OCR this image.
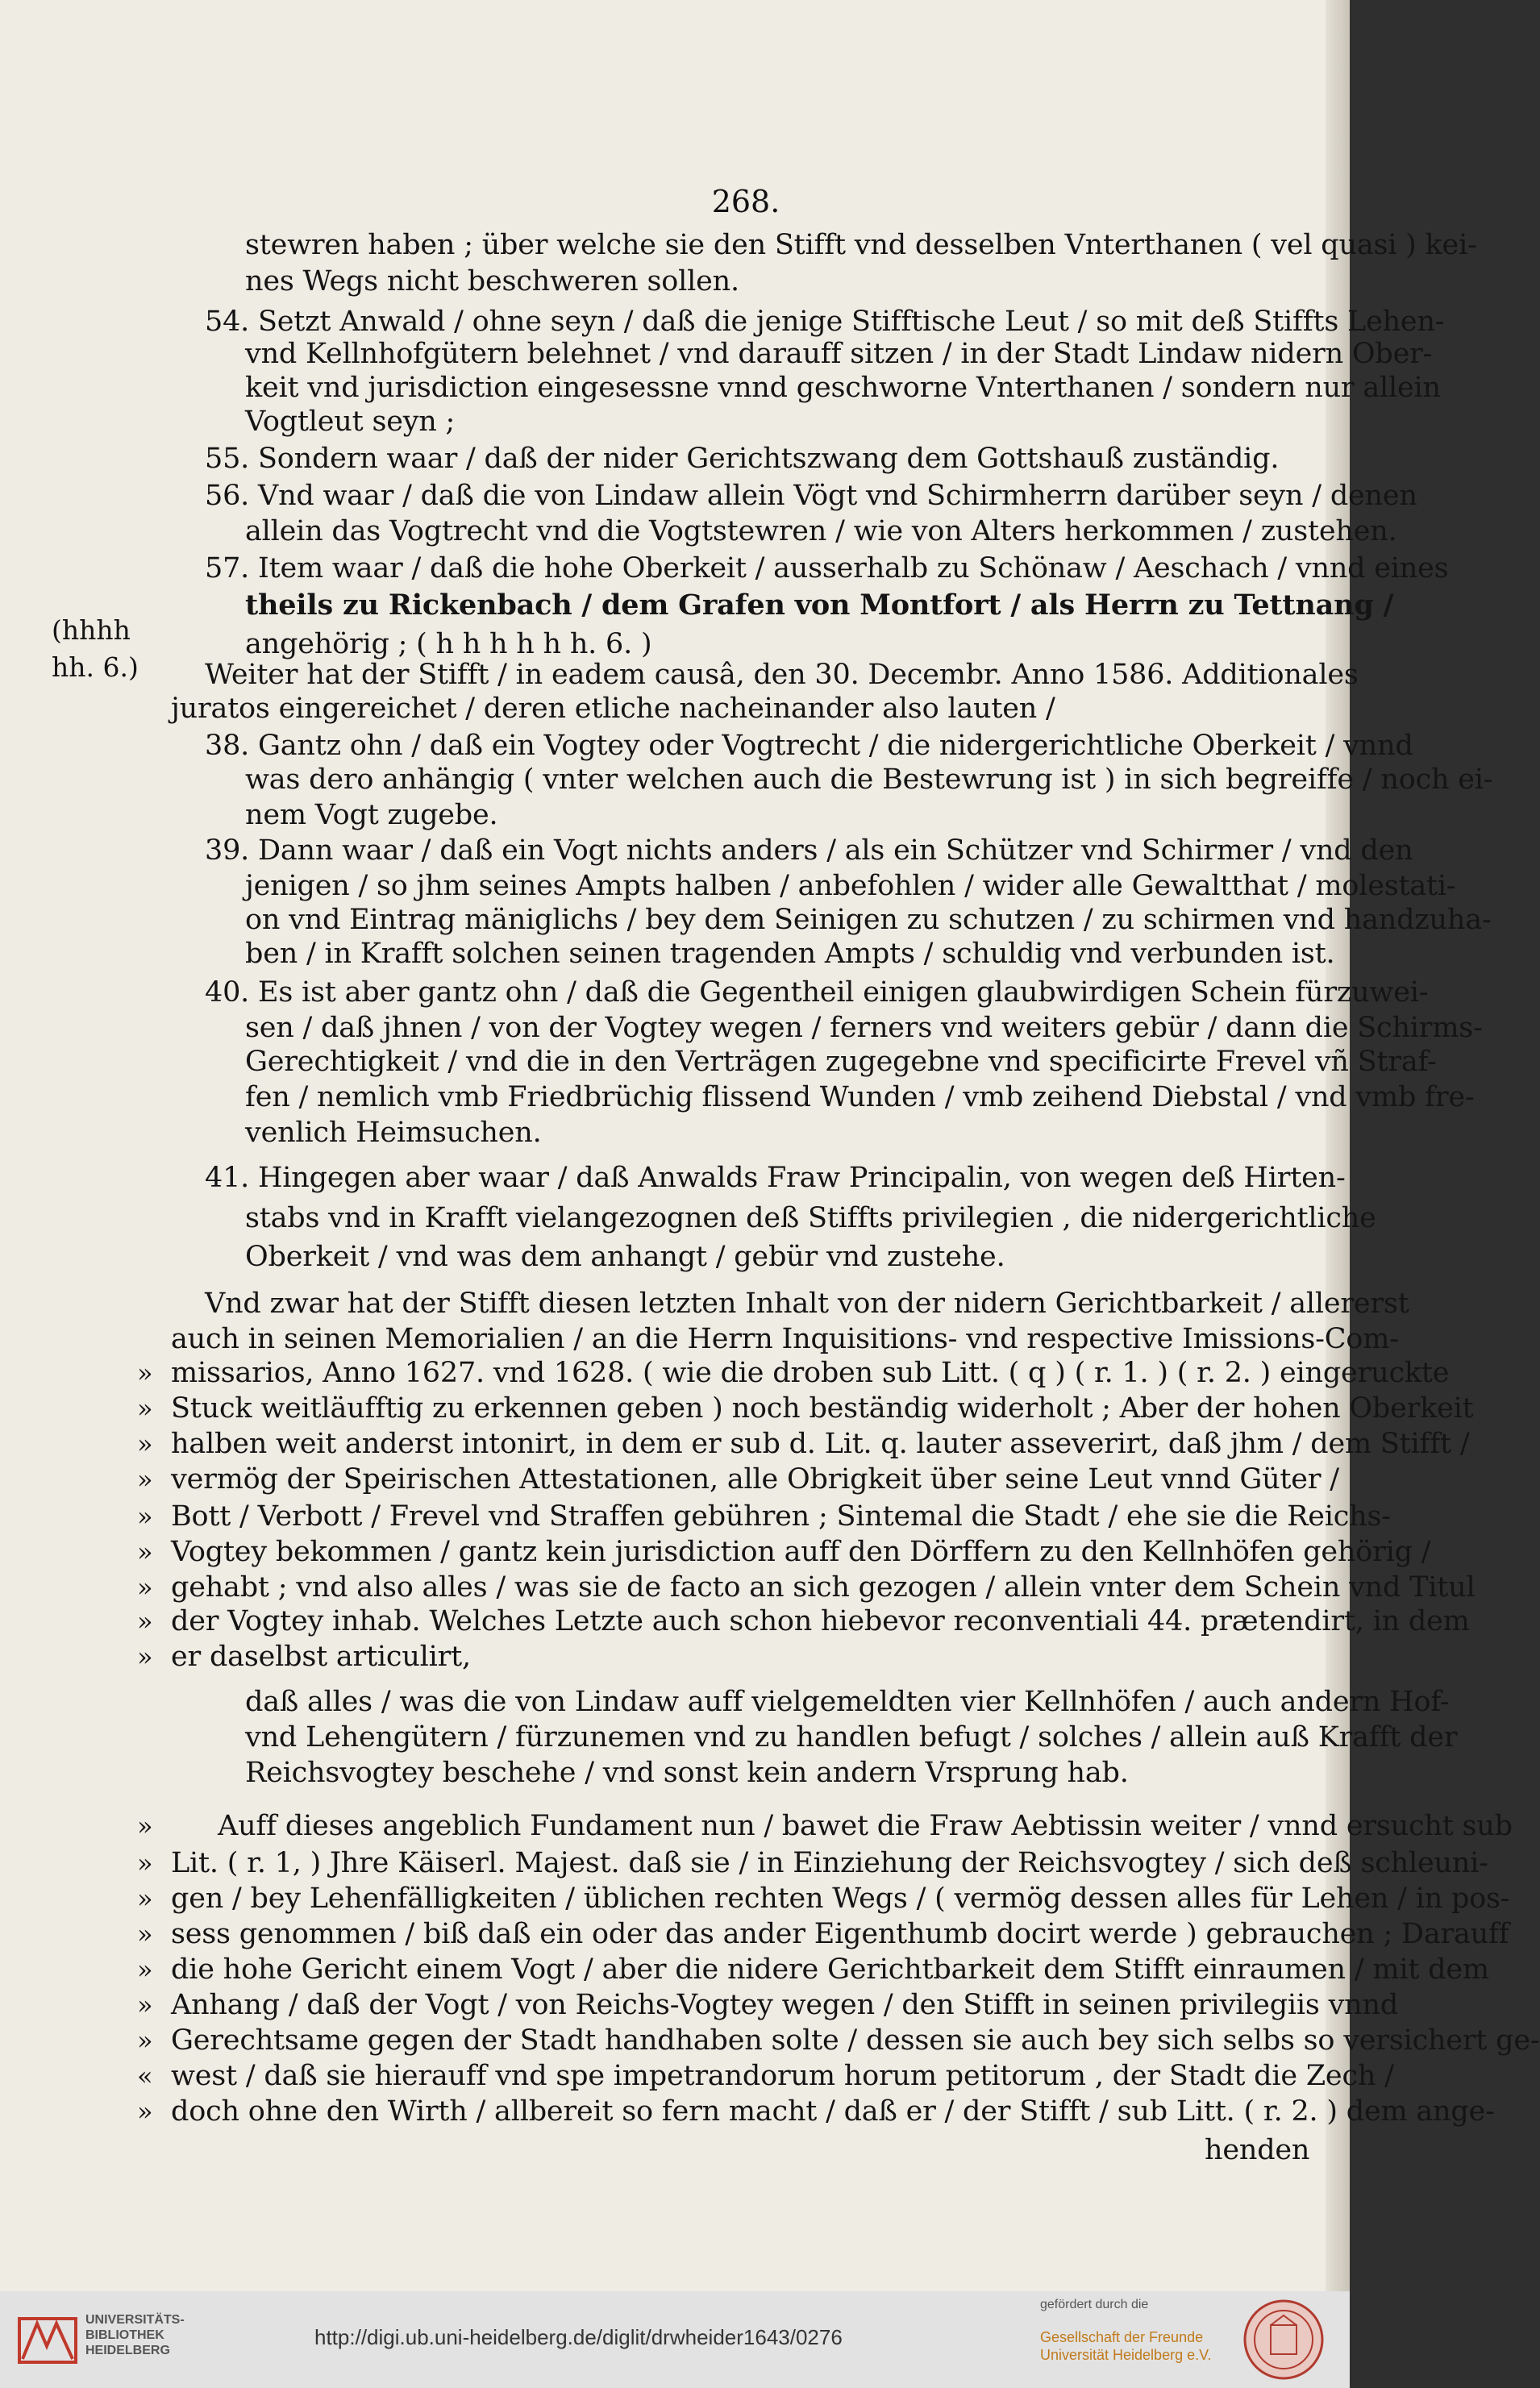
268.
(hhhh
hh. 6.)
stewren haben ; über welche sie den Stifft vnd desselben Vnterthanen ( vel quasi ) kei-
nes Wegs nicht beschweren sollen.
54. Setzt Anwald / ohne seyn / daß die jenige Stifftische Leut / so mit deß Stiffts Lehen-
vnd Kellnhofgütern belehnet / vnd darauff sitzen / in der Stadt Lindaw nidern Ober-
keit vnd jurisdiction eingesessne vnnd geschworne Vnterthanen / sondern nur allein
Vogtleut seyn ;
55. Sondern waar / daß der nider Gerichtszwang dem Gottshauß zuständig.
56. Vnd waar / daß die von Lindaw allein Vögt vnd Schirmherrn darüber seyn / denen
allein das Vogtrecht vnd die Vogtstewren / wie von Alters herkommen / zustehen.
57. Item waar / daß die hohe Oberkeit / ausserhalb zu Schönaw / Aeschach / vnnd eines
theils zu Rickenbach / dem Grafen von Montfort / als Herrn zu Tettnang /
angehörig ; ( h h h h h h. 6. )
Weiter hat der Stifft / in eadem causâ, den 30. Decembr. Anno 1586. Additionales
juratos eingereichet / deren etliche nacheinander also lauten /
38. Gantz ohn / daß ein Vogtey oder Vogtrecht / die nidergerichtliche Oberkeit / vnnd
was dero anhängig ( vnter welchen auch die Bestewrung ist ) in sich begreiffe / noch ei-
nem Vogt zugebe.
39. Dann waar / daß ein Vogt nichts anders / als ein Schützer vnd Schirmer / vnd den
jenigen / so jhm seines Ampts halben / anbefohlen / wider alle Gewaltthat / molestati-
on vnd Eintrag mäniglichs / bey dem Seinigen zu schutzen / zu schirmen vnd handzuha-
ben / in Krafft solchen seinen tragenden Ampts / schuldig vnd verbunden ist.
40. Es ist aber gantz ohn / daß die Gegentheil einigen glaubwirdigen Schein fürzuwei-
sen / daß jhnen / von der Vogtey wegen / ferners vnd weiters gebür / dann die Schirms-
Gerechtigkeit / vnd die in den Verträgen zugegebne vnd specificirte Frevel vñ Straf-
fen / nemlich vmb Friedbrüchig flissend Wunden / vmb zeihend Diebstal / vnd vmb fre-
venlich Heimsuchen.
41. Hingegen aber waar / daß Anwalds Fraw Principalin, von wegen deß Hirten-
stabs vnd in Krafft vielangezognen deß Stiffts privilegien , die nidergerichtliche
Oberkeit / vnd was dem anhangt / gebür vnd zustehe.
Vnd zwar hat der Stifft diesen letzten Inhalt von der nidern Gerichtbarkeit / allererst
auch in seinen Memorialien / an die Herrn Inquisitions- vnd respective Imissions-Com-
missarios, Anno 1627. vnd 1628. ( wie die droben sub Litt. ( q ) ( r. 1. ) ( r. 2. ) eingeruckte
Stuck weitläufftig zu erkennen geben ) noch beständig widerholt ; Aber der hohen Oberkeit
halben weit anderst intonirt, in dem er sub d. Lit. q. lauter asseverirt, daß jhm / dem Stifft /
vermög der Speirischen Attestationen, alle Obrigkeit über seine Leut vnnd Güter /
Bott / Verbott / Frevel vnd Straffen gebühren ; Sintemal die Stadt / ehe sie die Reichs-
Vogtey bekommen / gantz kein jurisdiction auff den Dörffern zu den Kellnhöfen gehörig /
gehabt ; vnd also alles / was sie de facto an sich gezogen / allein vnter dem Schein vnd Titul
der Vogtey inhab. Welches Letzte auch schon hiebevor reconventiali 44. prætendirt, in dem
er daselbst articulirt,
daß alles / was die von Lindaw auff vielgemeldten vier Kellnhöfen / auch andern Hof-
vnd Lehengütern / fürzunemen vnd zu handlen befugt / solches / allein auß Krafft der
Reichsvogtey beschehe / vnd sonst kein andern Vrsprung hab.
Auff dieses angeblich Fundament nun / bawet die Fraw Aebtissin weiter / vnnd ersucht sub
Lit. ( r. 1, ) Jhre Käiserl. Majest. daß sie / in Einziehung der Reichsvogtey / sich deß schleuni-
gen / bey Lehenfälligkeiten / üblichen rechten Wegs / ( vermög dessen alles für Lehen / in pos-
sess genommen / biß daß ein oder das ander Eigenthumb docirt werde ) gebrauchen ; Darauff
die hohe Gericht einem Vogt / aber die nidere Gerichtbarkeit dem Stifft einraumen / mit dem
Anhang / daß der Vogt / von Reichs-Vogtey wegen / den Stifft in seinen privilegiis vnnd
Gerechtsame gegen der Stadt handhaben solte / dessen sie auch bey sich selbs so versichert ge-
west / daß sie hierauff vnd spe impetrandorum horum petitorum , der Stadt die Zech /
doch ohne den Wirth / allbereit so fern macht / daß er / der Stifft / sub Litt. ( r. 2. ) dem ange-
henden
»
»
»
»
»
»
»
»
»
»
»
»
»
»
»
»
«
»
UNIVERSITÄTS-
BIBLIOTHEK
HEIDELBERG
http://digi.ub.uni-heidelberg.de/diglit/drwheider1643/0276
gefördert durch die
Gesellschaft der Freunde
Universität Heidelberg e.V.
